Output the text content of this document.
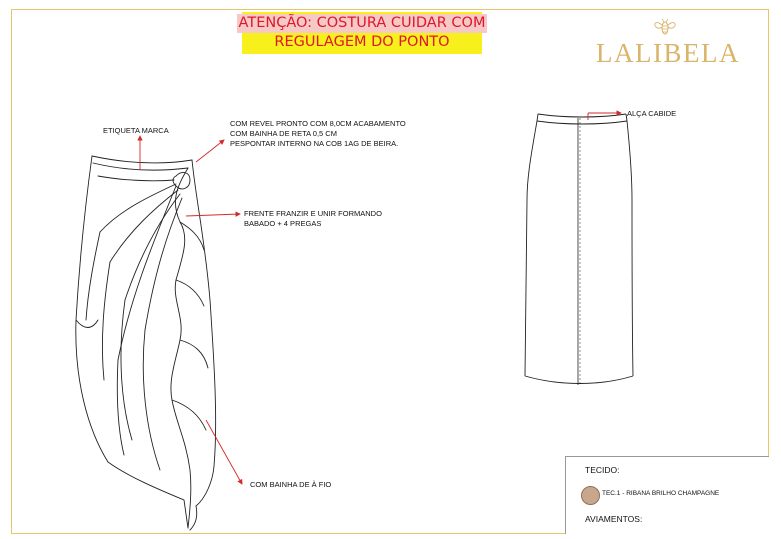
ATENÇÃO: COSTURA CUIDAR COM
REGULAGEM DO PONTO	LALIBELA
ETIQUETA MARCA
COM REVEL PRONTO COM 8,0CM ACABAMENTO
COM BAINHA DE RETA 0,5 CM
PESPONTAR INTERNO NA COB 1AG DE BEIRA.
FRENTE FRANZIR E UNIR FORMANDO
BABADO + 4 PREGAS
COM BAINHA DE À FIO
ALÇA CABIDE
TECIDO:
TEC.1 - RIBANA BRILHO CHAMPAGNE
AVIAMENTOS:
